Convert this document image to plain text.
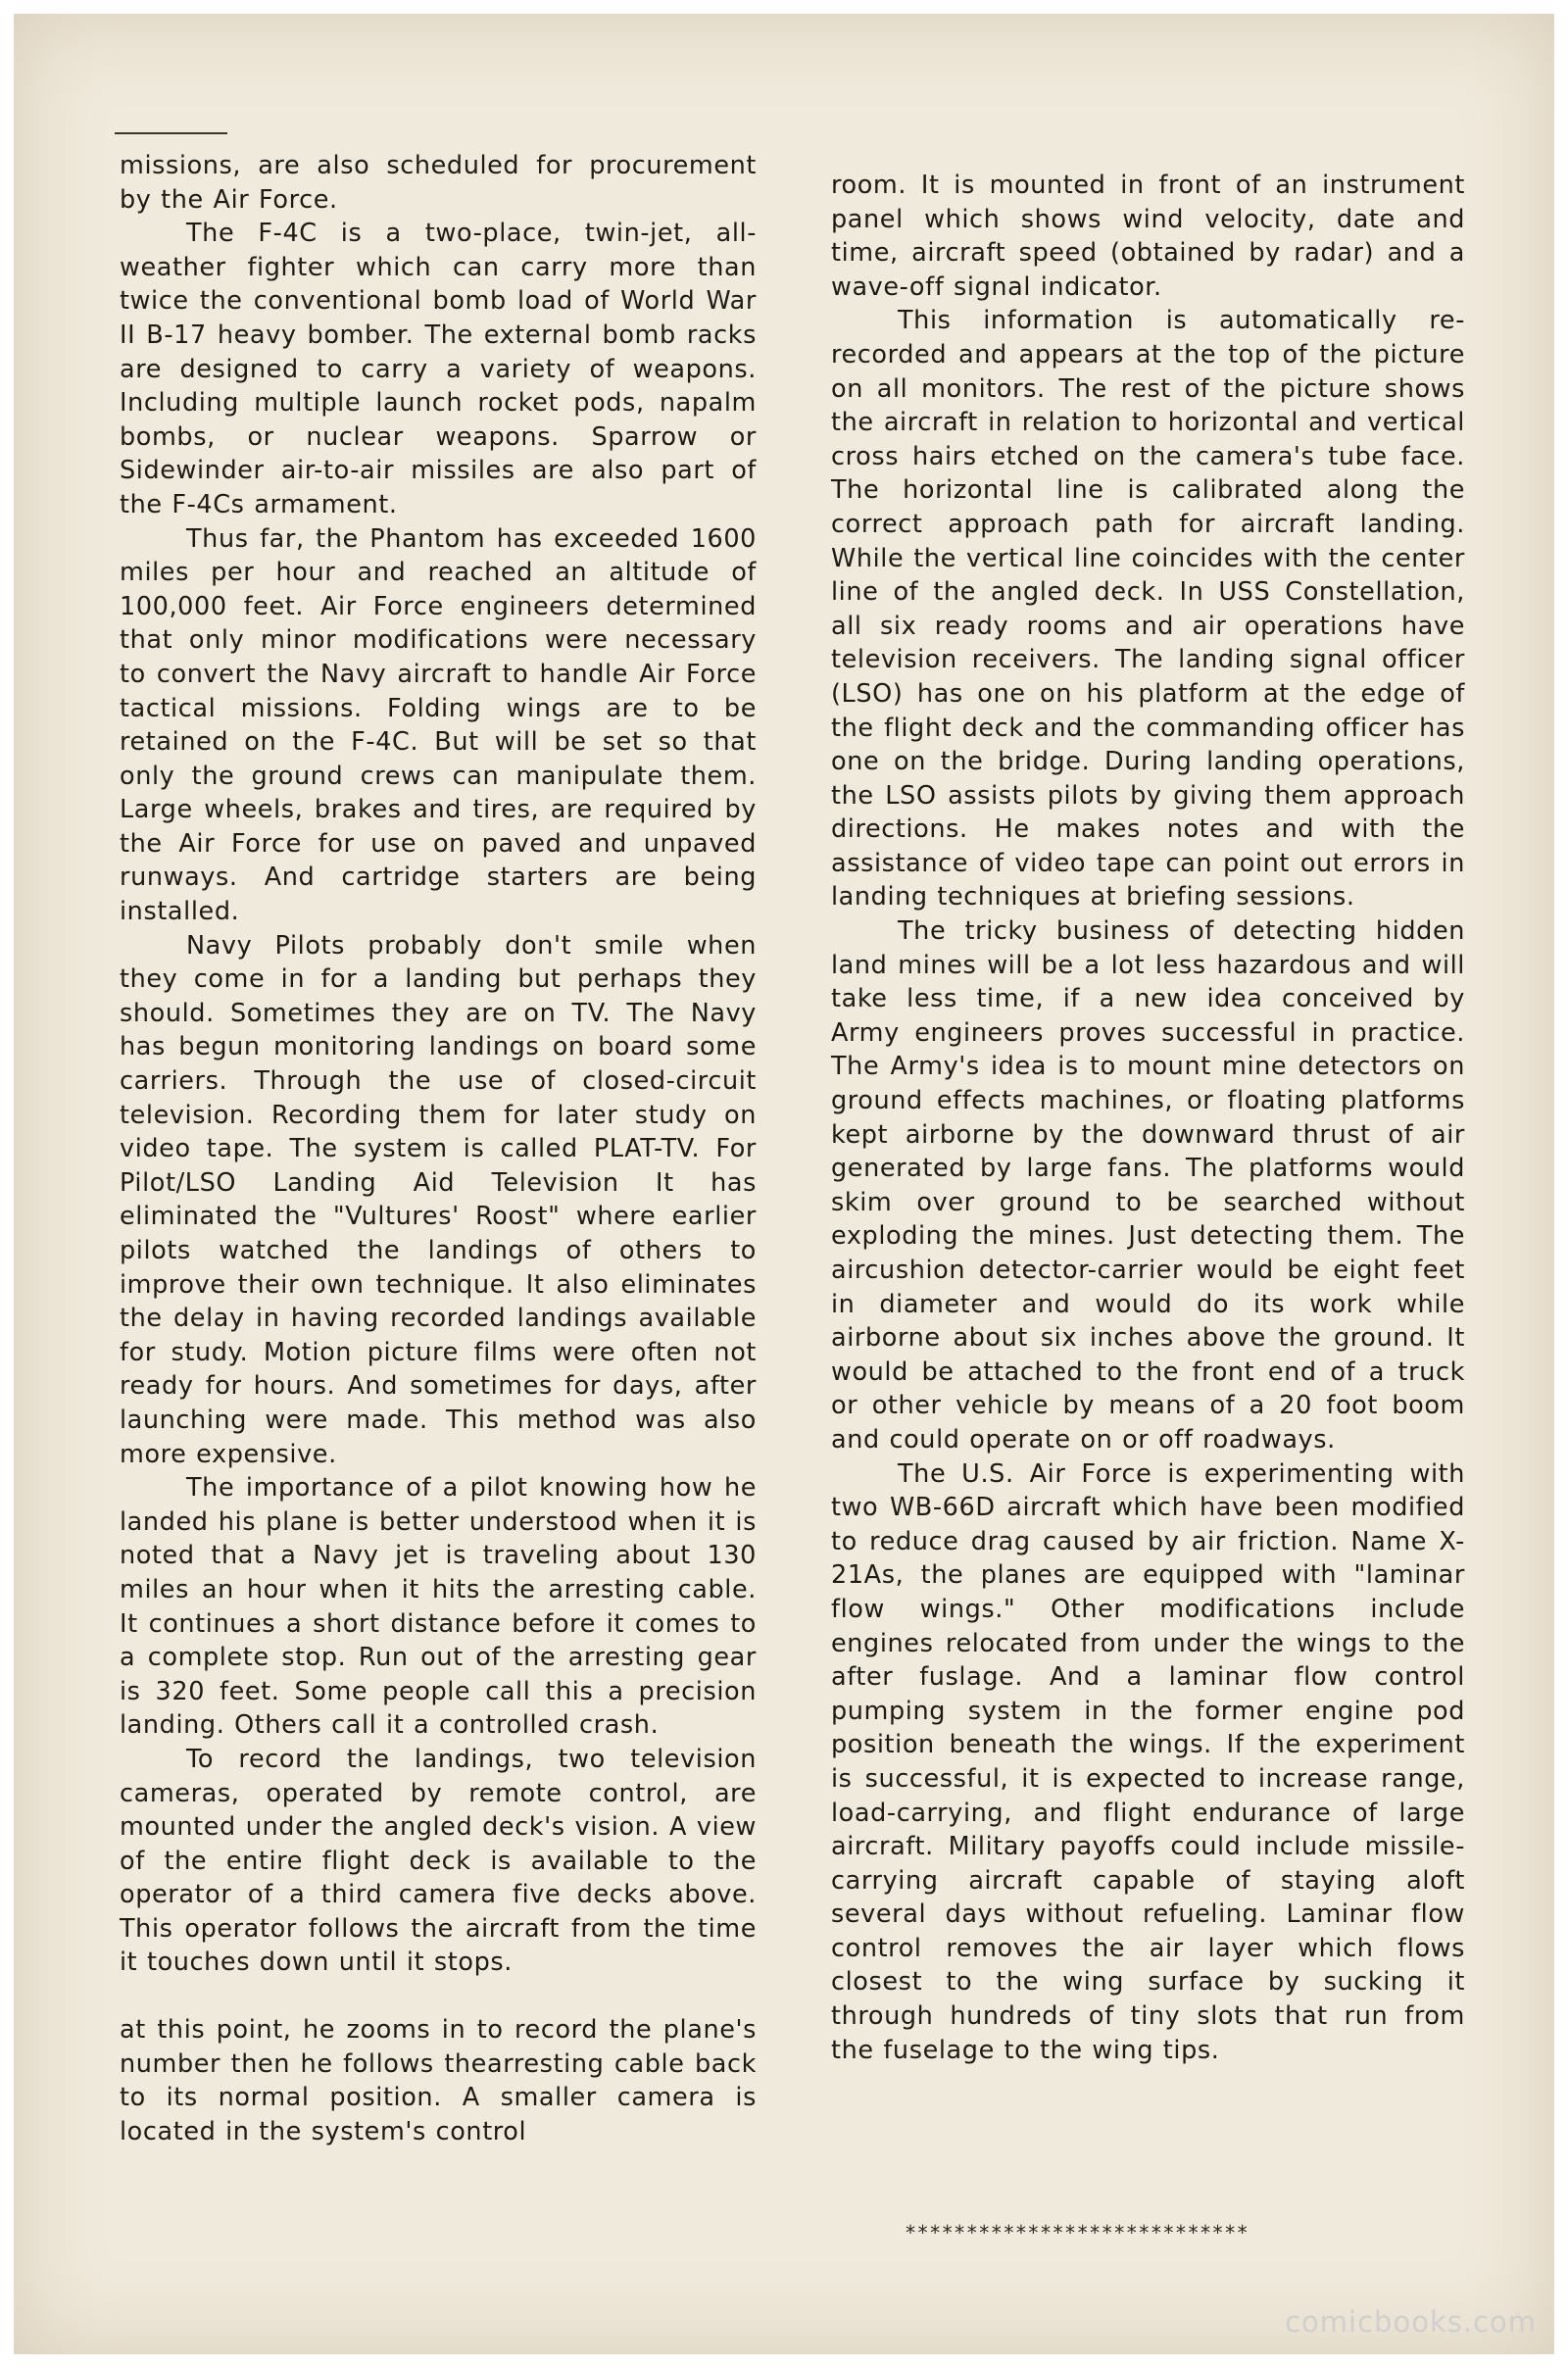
missions, are also scheduled for procurement by the Air Force.

The F-4C is a two-place, twin-jet, all-weather fighter which can carry more than twice the conventional bomb load of World War II B-17 heavy bomber. The external bomb racks are designed to carry a variety of weapons. Including multiple launch rocket pods, napalm bombs, or nuclear weapons. Sparrow or Sidewinder air-to-air missiles are also part of the F-4Cs armament.

Thus far, the Phantom has exceeded 1600 miles per hour and reached an altitude of 100,000 feet. Air Force engineers determined that only minor modifications were necessary to convert the Navy aircraft to handle Air Force tactical missions. Folding wings are to be retained on the F-4C. But will be set so that only the ground crews can manipulate them. Large wheels, brakes and tires, are required by the Air Force for use on paved and unpaved runways. And cartridge starters are being installed.

Navy Pilots probably don't smile when they come in for a landing but perhaps they should. Sometimes they are on TV. The Navy has begun monitoring landings on board some carriers. Through the use of closed-circuit television. Recording them for later study on video tape. The system is called PLAT-TV. For Pilot/LSO Landing Aid Television It has eliminated the "Vultures' Roost" where earlier pilots watched the landings of others to improve their own technique. It also eliminates the delay in having recorded landings available for study. Motion picture films were often not ready for hours. And sometimes for days, after launching were made. This method was also more expensive.

The importance of a pilot knowing how he landed his plane is better understood when it is noted that a Navy jet is traveling about 130 miles an hour when it hits the arresting cable. It continues a short distance before it comes to a complete stop. Run out of the arresting gear is 320 feet. Some people call this a precision landing. Others call it a controlled crash.

To record the landings, two television cameras, operated by remote control, are mounted under the angled deck's vision. A view of the entire flight deck is available to the operator of a third camera five decks above. This operator follows the aircraft from the time it touches down until it stops.

at this point, he zooms in to record the plane's number then he follows thearresting cable back to its normal position. A smaller camera is located in the system's control

room. It is mounted in front of an instrument panel which shows wind velocity, date and time, aircraft speed (obtained by radar) and a wave-off signal indicator.

This information is automatically re-recorded and appears at the top of the picture on all monitors. The rest of the picture shows the aircraft in relation to horizontal and vertical cross hairs etched on the camera's tube face. The horizontal line is calibrated along the correct approach path for aircraft landing. While the vertical line coincides with the center line of the angled deck. In USS Constellation, all six ready rooms and air operations have television receivers. The landing signal officer (LSO) has one on his platform at the edge of the flight deck and the commanding officer has one on the bridge. During landing operations, the LSO assists pilots by giving them approach directions. He makes notes and with the assistance of video tape can point out errors in landing techniques at briefing sessions.

The tricky business of detecting hidden land mines will be a lot less hazardous and will take less time, if a new idea conceived by Army engineers proves successful in practice. The Army's idea is to mount mine detectors on ground effects machines, or floating platforms kept airborne by the downward thrust of air generated by large fans. The platforms would skim over ground to be searched without exploding the mines. Just detecting them. The aircushion detector-carrier would be eight feet in diameter and would do its work while airborne about six inches above the ground. It would be attached to the front end of a truck or other vehicle by means of a 20 foot boom and could operate on or off roadways.

The U.S. Air Force is experimenting with two WB-66D aircraft which have been modified to reduce drag caused by air friction. Name X-21As, the planes are equipped with "laminar flow wings." Other modifications include engines relocated from under the wings to the after fuslage. And a laminar flow control pumping system in the former engine pod position beneath the wings. If the experiment is successful, it is expected to increase range, load-carrying, and flight endurance of large aircraft. Military payoffs could include missile-carrying aircraft capable of staying aloft several days without refueling. Laminar flow control removes the air layer which flows closest to the wing surface by sucking it through hundreds of tiny slots that run from the fuselage to the wing tips.

****************************
comicbooks.com
